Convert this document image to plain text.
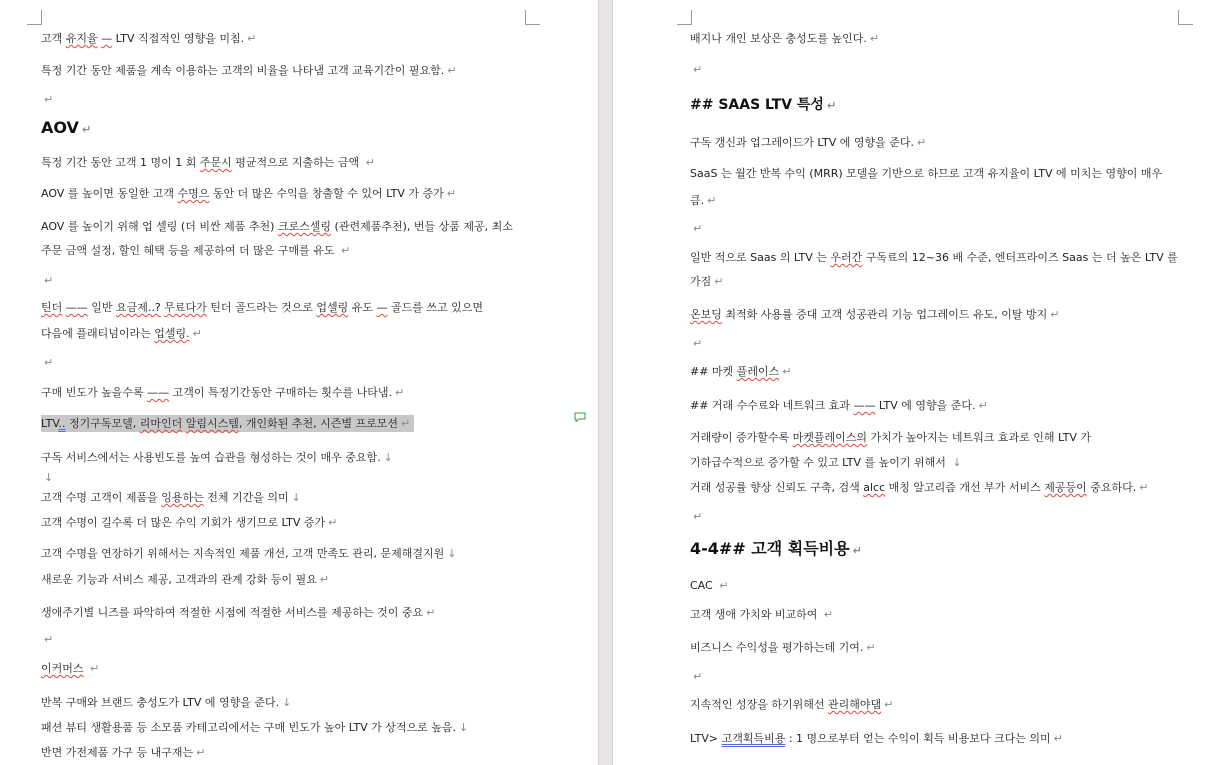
고객 유지율 — LTV 직접적인 영향을 미침. ↵
특정 기간 동안 제품을 계속 이용하는 고객의 비율을 나타냄 고객 교육기간이 필요함. ↵
↵
AOV ↵
특정 기간 동안 고객 1 명이 1 회 주문시 평균적으로 지출하는 금액 ↵
AOV 를 높이면 동일한 고객 수명으 동안 더 많은 수익을 창출할 수 있어 LTV 가 증가 ↵
AOV 를 높이기 위해 업 셀링 (더 비싼 제품 추천) 크로스셀링 (관련제품추천), 번들 상품 제공, 최소
주문 금액 설정, 할인 혜택 등을 제공하여 더 많은 구매를 유도 ↵
↵
틴더 —— 일반 요금제..? 무료다가 틴더 골드라는 것으로 업셀링 유도 — 골드를 쓰고 있으면
다음에 플래티넘이라는 업셀링. ↵
↵
구매 빈도가 높을수록 —— 고객이 특정기간동안 구매하는 횟수를 나타냄. ↵
LTV.. 정기구독모델, 리마인더 알림시스템, 개인화된 추천, 시즌별 프로모션 ↵
구독 서비스에서는 사용빈도를 높여 습관을 형성하는 것이 매우 중요함. ↓
↓
고객 수명 고객이 제품을 잉용하는 전체 기간을 의미 ↓
고객 수명이 길수록 더 많은 수익 기회가 생기므로 LTV 증가 ↵
고객 수명을 연장하기 위해서는 지속적인 제품 개선, 고객 만족도 관리, 문제해결지원 ↓
새로운 기능과 서비스 제공, 고객과의 관계 강화 등이 필요 ↵
생애주기별 니즈를 파악하여 적절한 시점에 적절한 서비스를 제공하는 것이 중요 ↵
↵
이커머스 ↵
반복 구매와 브랜드 충성도가 LTV 에 영향을 준다. ↓
패션 뷰티 생활용품 등 소모품 카테고리에서는 구매 빈도가 높아 LTV 가 상적으로 높음. ↓
반면 가전제품 가구 등 내구재는 ↵
배지나 개인 보상은 충성도를 높인다. ↵
↵
## SAAS LTV 특성 ↵
구독 갱신과 업그레이드가 LTV 에 영향을 준다. ↵
SaaS 는 월간 반복 수익 (MRR) 모델을 기반으로 하므로 고객 유지율이 LTV 에 미치는 영향이 매우
큼. ↵
↵
일반 적으로 Saas 의 LTV 는 우러간 구독료의 12~36 배 수준, 엔터프라이즈 Saas 는 더 높은 LTV 를
가짐 ↵
온보딩 최적화 사용률 증대 고객 성공관리 기능 업그레이드 유도, 이탈 방지 ↵
↵
## 마켓 플레이스 ↵
## 거래 수수료와 네트워크 효과 —— LTV 에 영향을 준다. ↵
거래량이 증가할수록 마켓플레이스의 가치가 높아지는 네트워크 효과로 인해 LTV 가
기하급수적으로 증가할 수 있고 LTV 를 높이기 위해서 ↓
거래 성공률 향상 신뢰도 구축, 검색 alcc 매칭 알고리즘 개선 부가 서비스 제공등이 중요하다. ↵
↵
4-4## 고객 획득비용 ↵
CAC ↵
고객 생애 가치와 비교하여 ↵
비즈니스 수익성을 평가하는데 기여. ↵
↵
지속적인 성장을 하기위해선 관리해야댐 ↵
LTV> 고객획득비용 : 1 명으로부터 얻는 수익이 획득 비용보다 크다는 의미 ↵
